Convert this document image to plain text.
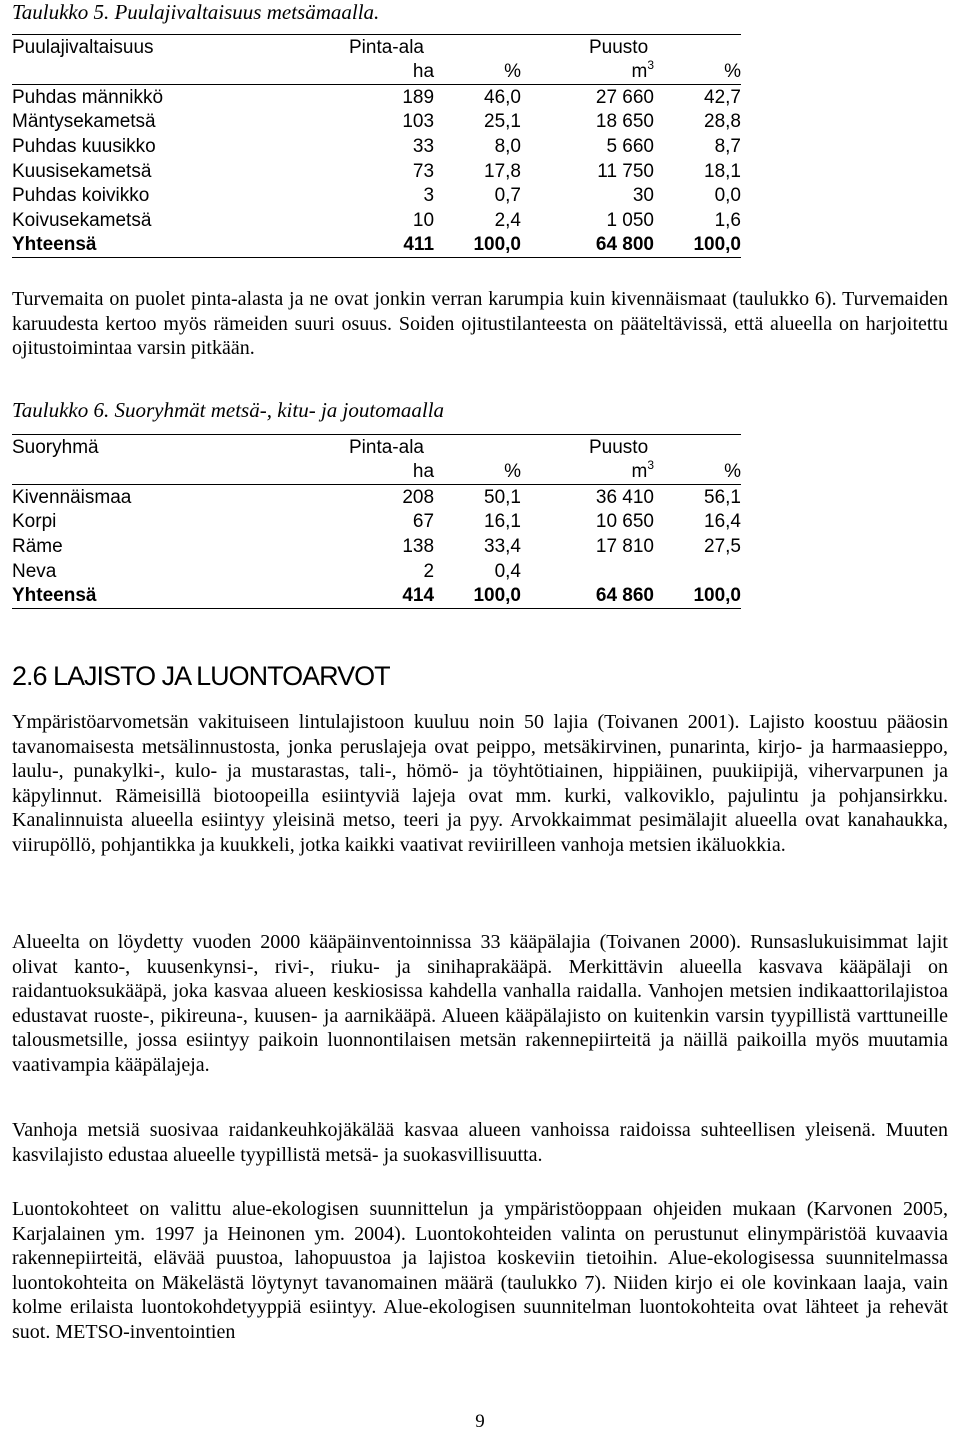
Taulukko 5. Puulajivaltaisuus metsämaalla.
Puulajivaltaisuus	Pinta-ala		Puusto	
	ha	%	$m^3$	%
Puhdas männikkö	189	46,0	27 660	42,7
Mäntysekametsä	103	25,1	18 650	28,8
Puhdas kuusikko	33	8,0	5 660	8,7
Kuusisekametsä	73	17,8	11 750	18,1
Puhdas koivikko	3	0,7	30	0,0
Koivusekametsä	10	2,4	1 050	1,6
Yhteensä	411	100,0	64 800	100,0

Turvemaita on puolet pinta-alasta ja ne ovat jonkin verran karumpia kuin kivennäismaat (taulukko 6). Turvemaiden karuudesta kertoo myös rämeiden suuri osuus. Soiden ojitustilanteesta on pääteltävissä, että alueella on harjoitettu ojitustoimintaa varsin pitkään.

Taulukko 6. Suoryhmät metsä-, kitu- ja joutomaalla
Suoryhmä	Pinta-ala		Puusto	
	ha	%	$m^3$	%
Kivennäismaa	208	50,1	36 410	56,1
Korpi	67	16,1	10 650	16,4
Räme	138	33,4	17 810	27,5
Neva	2	0,4		
Yhteensä	414	100,0	64 860	100,0
2.6 LAJISTO JA LUONTOARVOT

Ympäristöarvometsän vakituiseen lintulajistoon kuuluu noin 50 lajia (Toivanen 2001). Lajisto koostuu pääosin tavanomaisesta metsälinnustosta, jonka peruslajeja ovat peippo, metsäkirvinen, punarinta, kirjo- ja harmaasieppo, laulu-, punakylki-, kulo- ja mustarastas, tali-, hömö- ja töyhtötiainen, hippiäinen, puukiipijä, vihervarpunen ja käpylinnut. Rämeisillä biotoopeilla esiintyviä lajeja ovat mm. kurki, valkoviklo, pajulintu ja pohjansirkku. Kanalinnuista alueella esiintyy yleisinä metso, teeri ja pyy. Arvokkaimmat pesimälajit alueella ovat kanahaukka, viirupöllö, pohjantikka ja kuukkeli, jotka kaikki vaativat reviirilleen vanhoja metsien ikäluokkia.

Alueelta on löydetty vuoden 2000 kääpäinventoinnissa 33 kääpälajia (Toivanen 2000). Runsaslukuisimmat lajit olivat kanto-, kuusenkynsi-, rivi-, riuku- ja sinihaprakääpä. Merkittävin alueella kasvava kääpälaji on raidantuoksukääpä, joka kasvaa alueen keskiosissa kahdella vanhalla raidalla. Vanhojen metsien indikaattorilajistoa edustavat ruoste-, pikireuna-, kuusen- ja aarnikääpä. Alueen kääpälajisto on kuitenkin varsin tyypillistä varttuneille talousmetsille, jossa esiintyy paikoin luonnontilaisen metsän rakennepiirteitä ja näillä paikoilla myös muutamia vaativampia kääpälajeja.

Vanhoja metsiä suosivaa raidankeuhkojäkälää kasvaa alueen vanhoissa raidoissa suhteellisen yleisenä. Muuten kasvilajisto edustaa alueelle tyypillistä metsä- ja suokasvillisuutta.

Luontokohteet on valittu alue-ekologisen suunnittelun ja ympäristöoppaan ohjeiden mukaan (Karvonen 2005, Karjalainen ym. 1997 ja Heinonen ym. 2004). Luontokohteiden valinta on perustunut elinympäristöä kuvaavia rakennepiirteitä, elävää puustoa, lahopuustoa ja lajistoa koskeviin tietoihin. Alue-ekologisessa suunnitelmassa luontokohteita on Mäkelästä löytynyt tavanomainen määrä (taulukko 7). Niiden kirjo ei ole kovinkaan laaja, vain kolme erilaista luontokohdetyyppiä esiintyy. Alue-ekologisen suunnitelman luontokohteita ovat lähteet ja rehevät suot. METSO-inventointien

9
